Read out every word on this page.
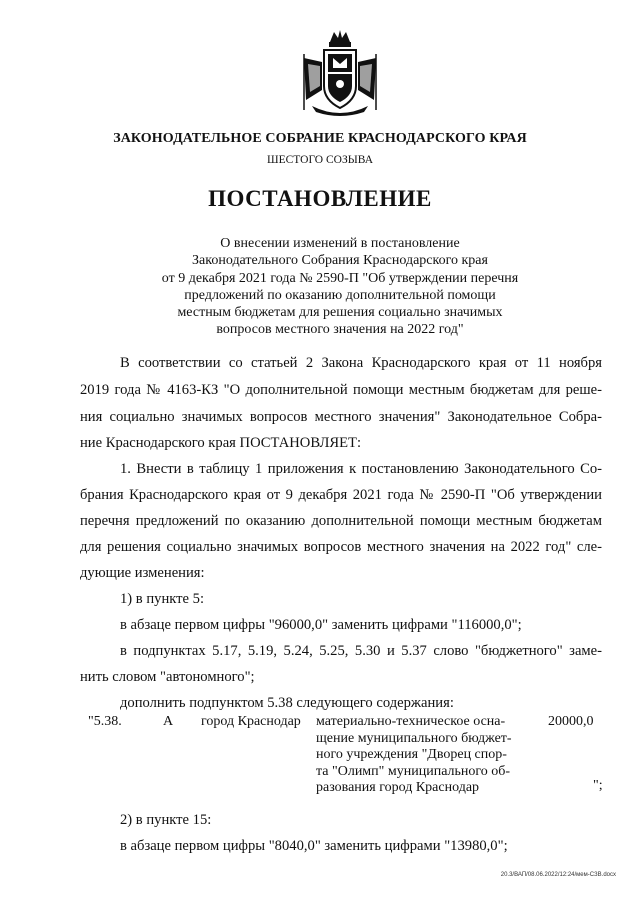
ЗАКОНОДАТЕЛЬНОЕ СОБРАНИЕ КРАСНОДАРСКОГО КРАЯ
ШЕСТОГО СОЗЫВА
ПОСТАНОВЛЕНИЕ
О внесении изменений в постановление
Законодательного Собрания Краснодарского края
от 9 декабря 2021 года № 2590-П "Об утверждении перечня
предложений по оказанию дополнительной помощи
местным бюджетам для решения социально значимых
вопросов местного значения на 2022 год"
В соответствии со статьей 2 Закона Краснодарского края от 11 ноября
2019 года № 4163-КЗ "О дополнительной помощи местным бюджетам для реше-
ния социально значимых вопросов местного значения" Законодательное Собра-
ние Краснодарского края ПОСТАНОВЛЯЕТ:
1. Внести в таблицу 1 приложения к постановлению Законодательного Со-
брания Краснодарского края от 9 декабря 2021 года № 2590-П "Об утверждении
перечня предложений по оказанию дополнительной помощи местным бюджетам
для решения социально значимых вопросов местного значения на 2022 год" сле-
дующие изменения:
1) в пункте 5:
в абзаце первом цифры "96000,0" заменить цифрами "116000,0";
в подпунктах 5.17, 5.19, 5.24, 5.25, 5.30 и 5.37 слово "бюджетного" заме-
нить словом "автономного";
дополнить подпунктом 5.38 следующего содержания:
"5.38.	А город Краснодар материально-техническое осна-
щение муниципального бюджет-
ного учреждения "Дворец спор-
та "Олимп" муниципального об-
разования город Краснодар
20000,0
";
2) в пункте 15:
в абзаце первом цифры "8040,0" заменить цифрами "13980,0";
20.3/ВАП/08.06.2022/12:24/мем-СЗВ.docx
